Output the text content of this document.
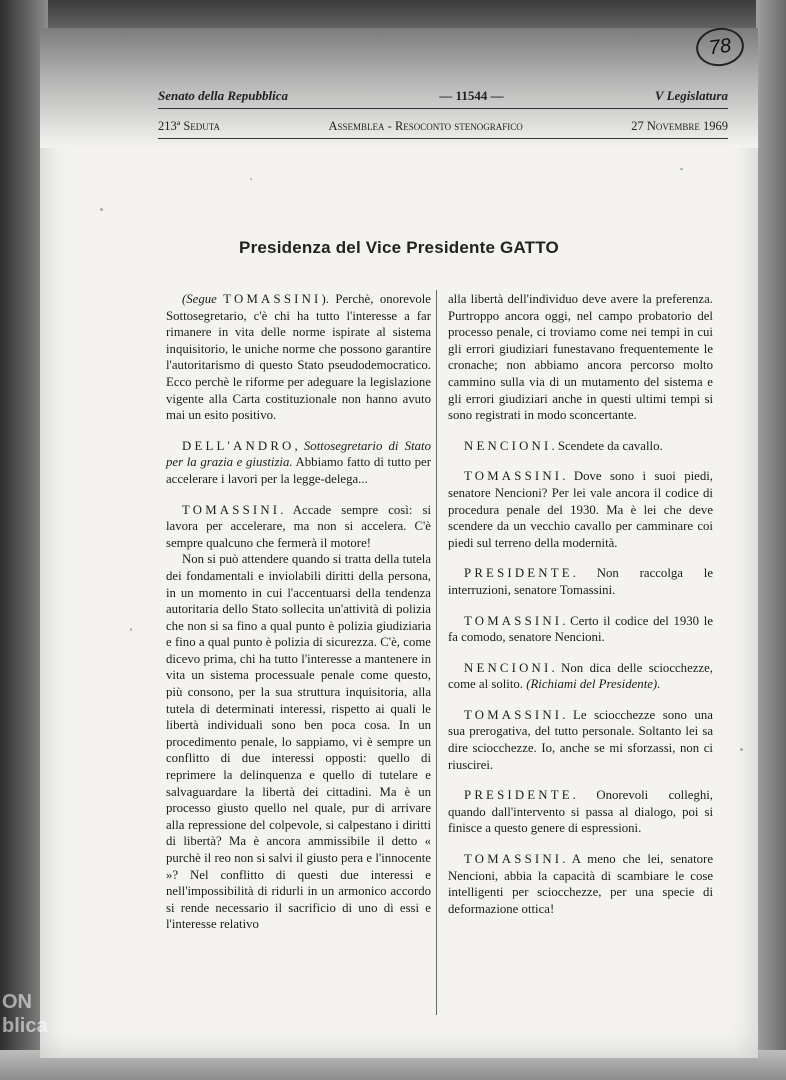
78
Senato della Repubblica	— 11544 —	V Legislatura
213ª Seduta	Assemblea - Resoconto stenografico	27 Novembre 1969
Presidenza del Vice Presidente GATTO

(Segue TOMASSINI). Perchè, onorevole Sottosegretario, c'è chi ha tutto l'interesse a far rimanere in vita delle norme ispirate al sistema inquisitorio, le uniche norme che possono garantire l'autoritarismo di questo Stato pseudodemocratico. Ecco perchè le riforme per adeguare la legislazione vigente alla Carta costituzionale non hanno avuto mai un esito positivo.

DELL'ANDRO, Sottosegretario di Stato per la grazia e giustizia. Abbiamo fatto di tutto per accelerare i lavori per la legge-delega...

TOMASSINI. Accade sempre così: si lavora per accelerare, ma non si accelera. C'è sempre qualcuno che fermerà il motore!

Non si può attendere quando si tratta della tutela dei fondamentali e inviolabili diritti della persona, in un momento in cui l'accentuarsi della tendenza autoritaria dello Stato sollecita un'attività di polizia che non si sa fino a qual punto è polizia giudiziaria e fino a qual punto è polizia di sicurezza. C'è, come dicevo prima, chi ha tutto l'interesse a mantenere in vita un sistema processuale penale come questo, più consono, per la sua struttura inquisitoria, alla tutela di determinati interessi, rispetto ai quali le libertà individuali sono ben poca cosa. In un procedimento penale, lo sappiamo, vi è sempre un conflitto di due interessi opposti: quello di reprimere la delinquenza e quello di tutelare e salvaguardare la libertà dei cittadini. Ma è un processo giusto quello nel quale, pur di arrivare alla repressione del colpevole, si calpestano i diritti di libertà? Ma è ancora ammissibile il detto « purchè il reo non si salvi il giusto pera e l'innocente »? Nel conflitto di questi due interessi e nell'impossibilità di ridurli in un armonico accordo si rende necessario il sacrificio di uno di essi e l'interesse relativo

alla libertà dell'individuo deve avere la preferenza. Purtroppo ancora oggi, nel campo probatorio del processo penale, ci troviamo come nei tempi in cui gli errori giudiziari funestavano frequentemente le cronache; non abbiamo ancora percorso molto cammino sulla via di un mutamento del sistema e gli errori giudiziari anche in questi ultimi tempi si sono registrati in modo sconcertante.

NENCIONI. Scendete da cavallo.

TOMASSINI. Dove sono i suoi piedi, senatore Nencioni? Per lei vale ancora il codice di procedura penale del 1930. Ma è lei che deve scendere da un vecchio cavallo per camminare coi piedi sul terreno della modernità.

PRESIDENTE. Non raccolga le interruzioni, senatore Tomassini.

TOMASSINI. Certo il codice del 1930 le fa comodo, senatore Nencioni.

NENCIONI. Non dica delle sciocchezze, come al solito. (Richiami del Presidente).

TOMASSINI. Le sciocchezze sono una sua prerogativa, del tutto personale. Soltanto lei sa dire sciocchezze. Io, anche se mi sforzassi, non ci riuscirei.

PRESIDENTE. Onorevoli colleghi, quando dall'intervento si passa al dialogo, poi si finisce a questo genere di espressioni.

TOMASSINI. A meno che lei, senatore Nencioni, abbia la capacità di scambiare le cose intelligenti per sciocchezze, per una specie di deformazione ottica!

ON
blica
